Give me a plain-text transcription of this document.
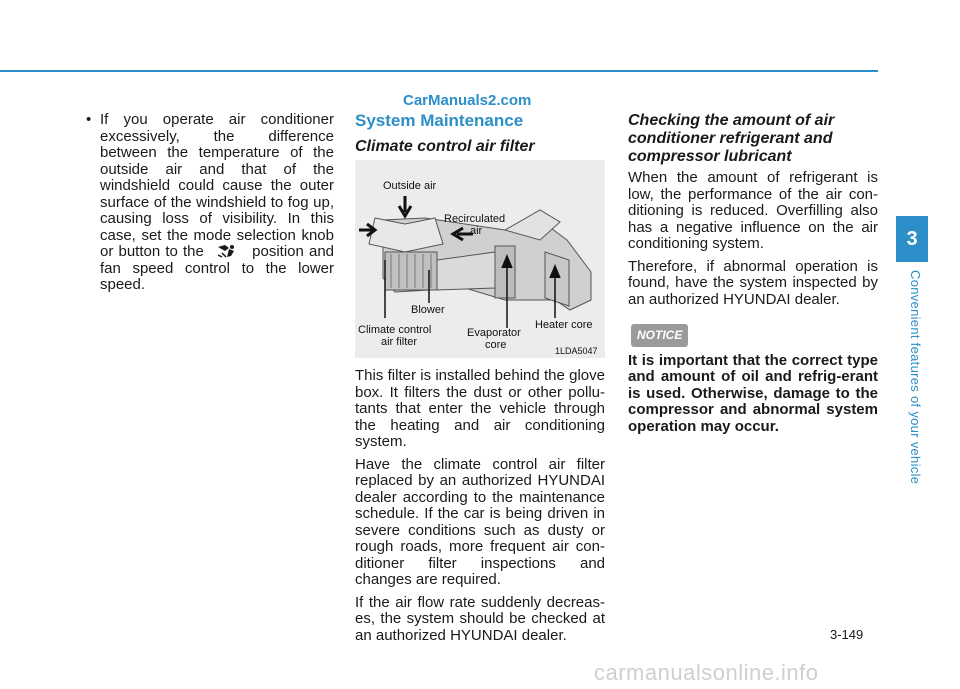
CarManuals2.com
• If you operate air conditioner excessively, the difference between the temperature of the outside air and that of the windshield could cause the outer surface of the windshield to fog up, causing loss of visibility. In this case, set the mode selection knob or button to the	position and fan speed control to the lower speed.
System Maintenance
Climate control air filter
Outside air
Recirculated
air
Blower
Climate control
air filter
Evaporator
core
Heater core
1LDA5047

This filter is installed behind the glove box. It filters the dust or other pollu-tants that enter the vehicle through the heating and air conditioning system.

Have the climate control air filter replaced by an authorized HYUNDAI dealer according to the maintenance schedule. If the car is being driven in severe conditions such as dusty or rough roads, more frequent air con-ditioner filter inspections and changes are required.

If the air flow rate suddenly decreas-es, the system should be checked at an authorized HYUNDAI dealer.

Checking the amount of air conditioner refrigerant and compressor lubricant

When the amount of refrigerant is low, the performance of the air con-ditioning is reduced. Overfilling also has a negative influence on the air conditioning system.

Therefore, if abnormal operation is found, have the system inspected by an authorized HYUNDAI dealer.

NOTICE

It is important that the correct type and amount of oil and refrig-erant is used. Otherwise, damage to the compressor and abnormal system operation may occur.

3
Convenient features of your vehicle
3-149
carmanualsonline.info
